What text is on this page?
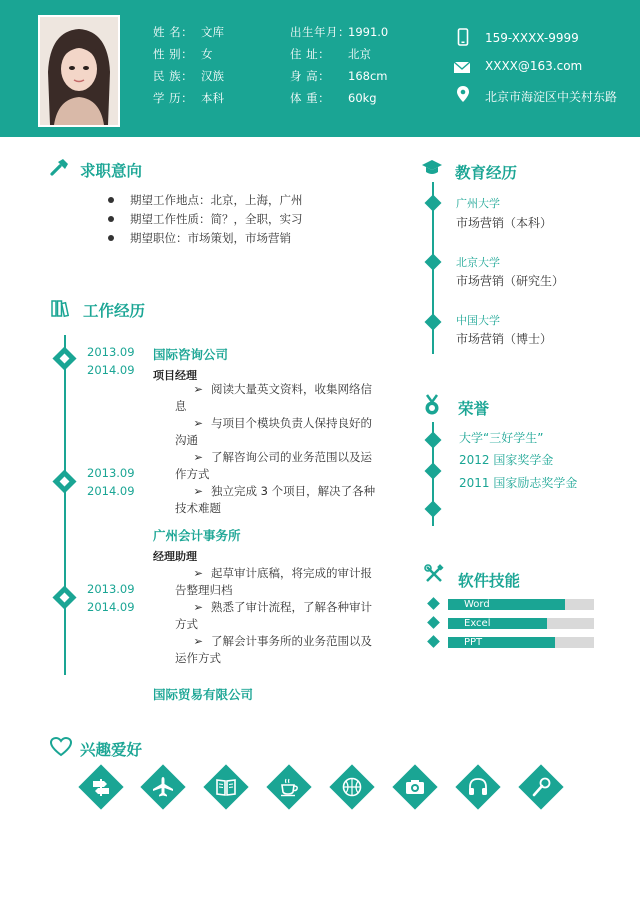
姓 名： 文库
性 别： 女
民 族： 汉族
学 历： 本科
出生年月：1991.0
住 址： 北京
身 高： 168cm
体 重： 60kg
159-XXXX-9999
XXXX@163.com
北京市海淀区中关村东路
求职意向
期望工作地点：北京，上海，广州
期望工作性质：简？，全职，实习
期望职位：市场策划，市场营销
工作经历
2013.09
2014.09
2013.09
2014.09
2013.09
2014.09
国际咨询公司
项目经理
➢ 阅读大量英文资料，收集网络信
息
➢ 与项目个模块负责人保持良好的
沟通
➢ 了解咨询公司的业务范围以及运
作方式
➢ 独立完成 3 个项目，解决了各种
技术难题
广州会计事务所
经理助理
➢ 起草审计底稿，将完成的审计报
告整理归档
➢ 熟悉了审计流程，了解各种审计
方式
➢ 了解会计事务所的业务范围以及
运作方式
国际贸易有限公司
教育经历
广州大学
市场营销（本科）
北京大学
市场营销（研究生）
中国大学
市场营销（博士）
荣誉
大学“三好学生”
2012 国家奖学金
2011 国家励志奖学金
软件技能
Word
Excel
PPT
兴趣爱好
